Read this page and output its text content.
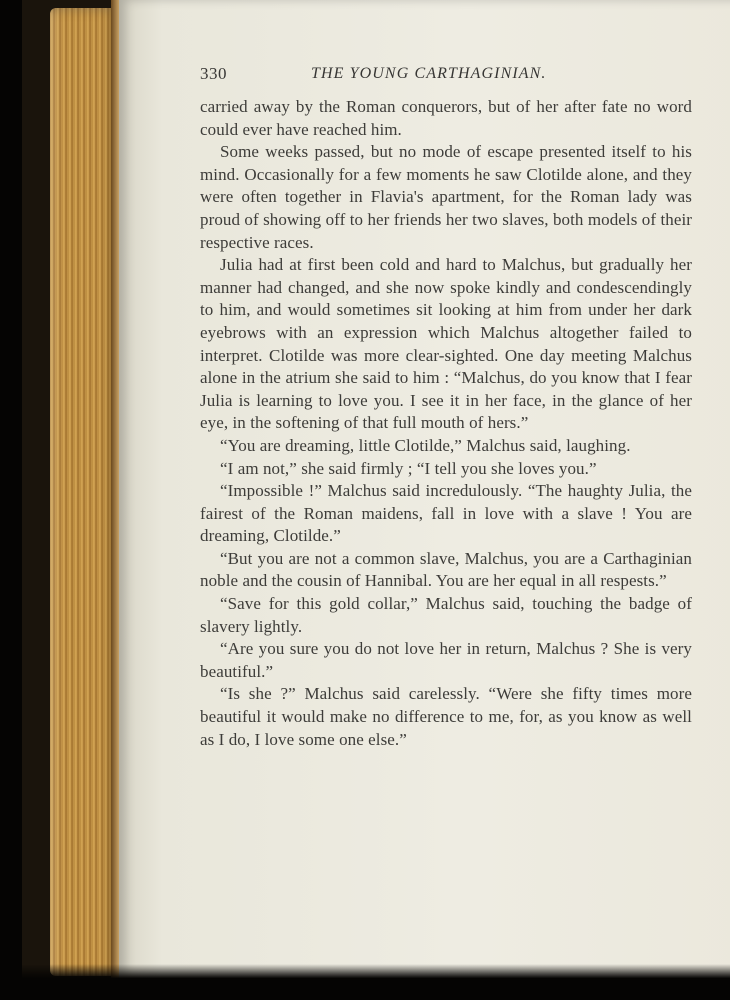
330	THE YOUNG CARTHAGINIAN.

carried away by the Roman conquerors, but of her after fate no word could ever have reached him.

Some weeks passed, but no mode of escape presented itself to his mind. Occasionally for a few moments he saw Clotilde alone, and they were often together in Flavia's apartment, for the Roman lady was proud of showing off to her friends her two slaves, both models of their respective races.

Julia had at first been cold and hard to Malchus, but gradually her manner had changed, and she now spoke kindly and condescendingly to him, and would sometimes sit looking at him from under her dark eyebrows with an expression which Malchus altogether failed to interpret. Clotilde was more clear-sighted. One day meeting Malchus alone in the atrium she said to him : “Malchus, do you know that I fear Julia is learning to love you. I see it in her face, in the glance of her eye, in the softening of that full mouth of hers.”

“You are dreaming, little Clotilde,” Malchus said, laughing.

“I am not,” she said firmly ; “I tell you she loves you.”

“Impossible !” Malchus said incredulously. “The haughty Julia, the fairest of the Roman maidens, fall in love with a slave ! You are dreaming, Clotilde.”

“But you are not a common slave, Malchus, you are a Carthaginian noble and the cousin of Hannibal. You are her equal in all respests.”

“Save for this gold collar,” Malchus said, touching the badge of slavery lightly.

“Are you sure you do not love her in return, Malchus ? She is very beautiful.”

“Is she ?” Malchus said carelessly. “Were she fifty times more beautiful it would make no difference to me, for, as you know as well as I do, I love some one else.”
